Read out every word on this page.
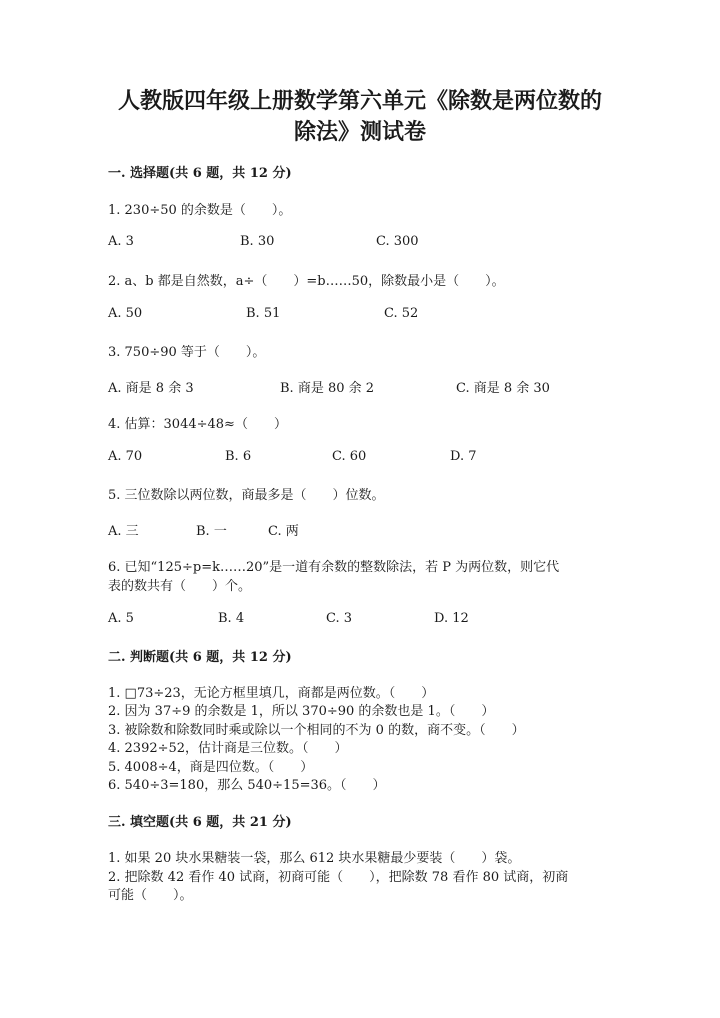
人教版四年级上册数学第六单元《除数是两位数的
除法》测试卷
一. 选择题(共 6 题，共 12 分)
1. 230÷50 的余数是（　　）。
A. 3	B. 30	C. 300
2. a、b 都是自然数，a÷（　　）=b……50，除数最小是（　　）。
A. 50	B. 51	C. 52
3. 750÷90 等于（　　）。
A. 商是 8 余 3	B. 商是 80 余 2	C. 商是 8 余 30
4. 估算：3044÷48≈（　　）
A. 70	B. 6	C. 60	D. 7
5. 三位数除以两位数，商最多是（　　）位数。
A. 三	B. 一	C. 两
6. 已知“125÷p=k……20”是一道有余数的整数除法，若 P 为两位数，则它代
表的数共有（　　）个。
A. 5	B. 4	C. 3	D. 12
二. 判断题(共 6 题，共 12 分)
1. □73÷23，无论方框里填几，商都是两位数。（　　）
2. 因为 37÷9 的余数是 1，所以 370÷90 的余数也是 1。（　　）
3. 被除数和除数同时乘或除以一个相同的不为 0 的数，商不变。（　　）
4. 2392÷52，估计商是三位数。（　　）
5. 4008÷4，商是四位数。（　　）
6. 540÷3=180，那么 540÷15=36。（　　）
三. 填空题(共 6 题，共 21 分)
1. 如果 20 块水果糖装一袋，那么 612 块水果糖最少要装（　　）袋。
2. 把除数 42 看作 40 试商，初商可能（　　），把除数 78 看作 80 试商，初商
可能（　　）。
